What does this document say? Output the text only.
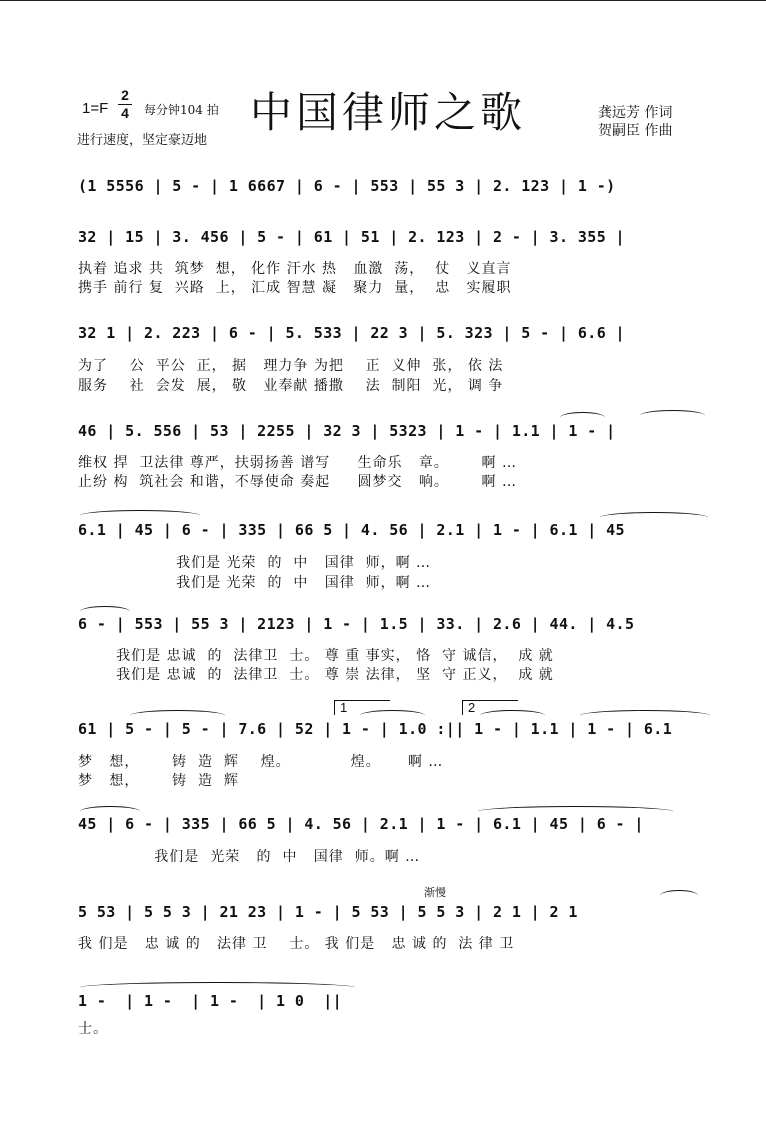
1=F
2
4 每分钟104 拍 中国律师之歌
进行速度，坚定豪迈地
龚远芳 作词
贺嗣臣 作曲
(1 5556 | 5 - | 1 6667 | 6 - | 553 | 55 3 | 2. 123 | 1 -)
32 | 15 | 3. 456 | 5 - | 61 | 51 | 2. 123 | 2 - | 3. 355 |
执着 追求 共  筑梦  想， 化作 汗水 热   血激  荡，  仗   义直言
携手 前行 复  兴路  上， 汇成 智慧 凝   聚力  量，  忠   实履职
32 1 | 2. 223 | 6 - | 5. 533 | 22 3 | 5. 323 | 5 - | 6.6 |
为了    公  平公  正， 据   理力争 为把    正  义伸  张， 依 法
服务    社  会发  展， 敬   业奉献 播撒    法  制阳  光， 调 争
46 | 5. 556 | 53 | 2255 | 32 3 | 5323 | 1 - | 1.1 | 1 - |
维权 捍  卫法律 尊严，扶弱扬善 谱写     生命乐   章。      啊 …
止纷 构  筑社会 和谐，不辱使命 奏起     圆梦交   响。      啊 …
6.1 | 45 | 6 - | 335 | 66 5 | 4. 56 | 2.1 | 1 - | 6.1 | 45
我们是 光荣  的  中   国律  师，啊 …
我们是 光荣  的  中   国律  师，啊 …
6 - | 553 | 55 3 | 2123 | 1 - | 1.5 | 33. | 2.6 | 44. | 4.5
我们是 忠诚  的  法律卫  士。 尊 重 事实， 恪  守 诚信，  成 就
我们是 忠诚  的  法律卫  士。 尊 崇 法律， 坚  守 正义，  成 就
1	2
61 | 5 - | 5 - | 7.6 | 52 | 1 - | 1.0 :|| 1 - | 1.1 | 1 - | 6.1
梦   想，      铸  造  辉    煌。           煌。     啊 …
梦   想，      铸  造  辉
45 | 6 - | 335 | 66 5 | 4. 56 | 2.1 | 1 - | 6.1 | 45 | 6 - |
我们是  光荣   的  中   国律  师。啊 …
渐慢
5 53 | 5 5 3 | 21 23 | 1 - | 5 53 | 5 5 3 | 2 1 | 2 1
我 们是   忠 诚 的   法律 卫    士。 我 们是   忠 诚 的  法 律 卫
1 -  | 1 -  | 1 -  | 1 0  ||
士。
